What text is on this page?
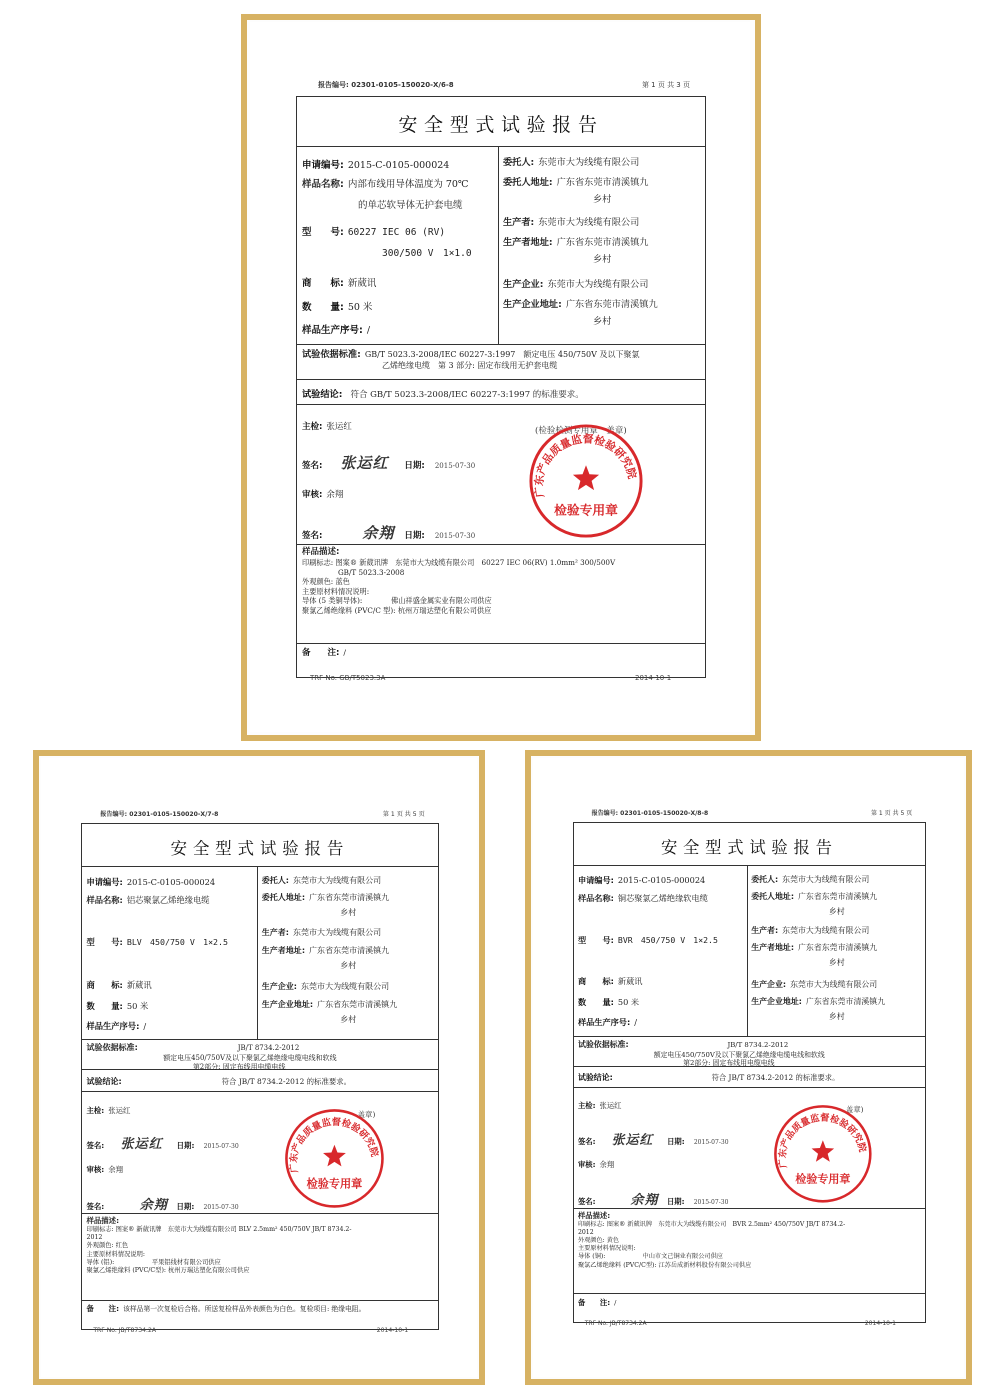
报告编号: 02301-0105-150020-X/6-8	第 1 页 共 3 页
安全型式试验报告
申请编号: 2015-C-0105-000024
样品名称: 内部布线用导体温度为 70℃
的单芯软导体无护套电缆
型　　号: 60227 IEC 06 (RV)
300/500 V　1×1.0
商　　标: 新葳讯
数　　量: 50 米
样品生产序号: /
委托人: 东莞市大为线缆有限公司
委托人地址: 广东省东莞市清溪镇九
乡村
生产者: 东莞市大为线缆有限公司
生产者地址: 广东省东莞市清溪镇九
乡村
生产企业: 东莞市大为线缆有限公司
生产企业地址: 广东省东莞市清溪镇九
乡村
试验依据标准: GB/T 5023.3-2008/IEC 60227-3:1997　额定电压 450/750V 及以下聚氯
乙烯绝缘电缆　第 3 部分: 固定布线用无护套电缆
试验结论: 符合 GB/T 5023.3-2008/IEC 60227-3:1997 的标准要求。
主检: 张运红
签名: 张运红 日期: 2015-07-30
审核: 余翔
签名:	余翔 日期: 2015-07-30
(检验检测专用章　盖章)
广东产品质量监督检验研究院
检验专用章
样品描述:
印刷标志: 图案® 新葳讯牌　东莞市大为线缆有限公司　60227 IEC 06(RV) 1.0mm² 300/500V
　　　　　GB/T 5023.3-2008
外观颜色: 蓝色
主要原材料情况说明:
导体 (5 类铜导体):　　　　佛山祥盛金属实业有限公司供应
聚氯乙烯绝缘料 (PVC/C 型): 杭州万瑞达塑化有限公司供应
备　　注: /
TRF No. GB/T5023.3A	2014-10-1
报告编号: 02301-0105-150020-X/7-8	第 1 页 共 5 页
安全型式试验报告
申请编号: 2015-C-0105-000024
样品名称: 铝芯聚氯乙烯绝缘电缆
型　　号: BLV　450/750 V　1×2.5
商　　标: 新葳讯
数　　量: 50 米
样品生产序号: /
委托人: 东莞市大为线缆有限公司
委托人地址: 广东省东莞市清溪镇九
乡村
生产者: 东莞市大为线缆有限公司
生产者地址: 广东省东莞市清溪镇九
乡村
生产企业: 东莞市大为线缆有限公司
生产企业地址: 广东省东莞市清溪镇九
乡村
试验依据标准:	JB/T 8734.2-2012
额定电压450/750V及以下聚氯乙烯绝缘电缆电线和软线
第2部分: 固定布线用电缆电线
试验结论:	符合 JB/T 8734.2-2012 的标准要求。
主检: 张运红
签名: 张运红 日期: 2015-07-30
审核: 余翔
签名:	余翔 日期: 2015-07-30
盖章)
广东产品质量监督检验研究院
检验专用章
样品描述:
印刷标志: 图案® 新葳讯牌　东莞市大为线缆有限公司 BLV 2.5mm² 450/750V JB/T 8734.2-
2012
外观颜色: 红色
主要原材料情况说明:
导体 (铝):　　　　　　平果铝线材有限公司供应
聚氯乙烯绝缘料 (PVC/C型): 杭州万瑞达塑化有限公司供应
备　　注: 该样品第一次复检后合格。所送复检样品外表颜色为白色。复检项目: 绝缘电阻。
TRF No. JB/T8734.2A	2014-10-1
报告编号: 02301-0105-150020-X/8-8	第 1 页 共 5 页
安全型式试验报告
申请编号: 2015-C-0105-000024
样品名称: 铜芯聚氯乙烯绝缘软电缆
型　　号: BVR　450/750 V　1×2.5
商　　标: 新葳讯
数　　量: 50 米
样品生产序号: /
委托人: 东莞市大为线缆有限公司
委托人地址: 广东省东莞市清溪镇九
乡村
生产者: 东莞市大为线缆有限公司
生产者地址: 广东省东莞市清溪镇九
乡村
生产企业: 东莞市大为线缆有限公司
生产企业地址: 广东省东莞市清溪镇九
乡村
试验依据标准:	JB/T 8734.2-2012
额定电压450/750V及以下聚氯乙烯绝缘电缆电线和软线
第2部分: 固定布线用电缆电线
试验结论:	符合 JB/T 8734.2-2012 的标准要求。
主检: 张运红
签名: 张运红 日期: 2015-07-30
审核: 余翔
签名:	余翔 日期: 2015-07-30
盖章)
广东产品质量监督检验研究院
检验专用章
样品描述:
印刷标志: 图案® 新葳讯牌　东莞市大为线缆有限公司　BVR 2.5mm² 450/750V JB/T 8734.2-
2012
外观颜色: 黄色
主要原材料情况说明:
导体 (铜):　　　　　　中山市文己铜业有限公司供应
聚氯乙烯绝缘料 (PVC/C型): 江苏岳成新材料股份有限公司供应
备　　注: /
TRF No. JB/T8734.2A	2014-10-1
